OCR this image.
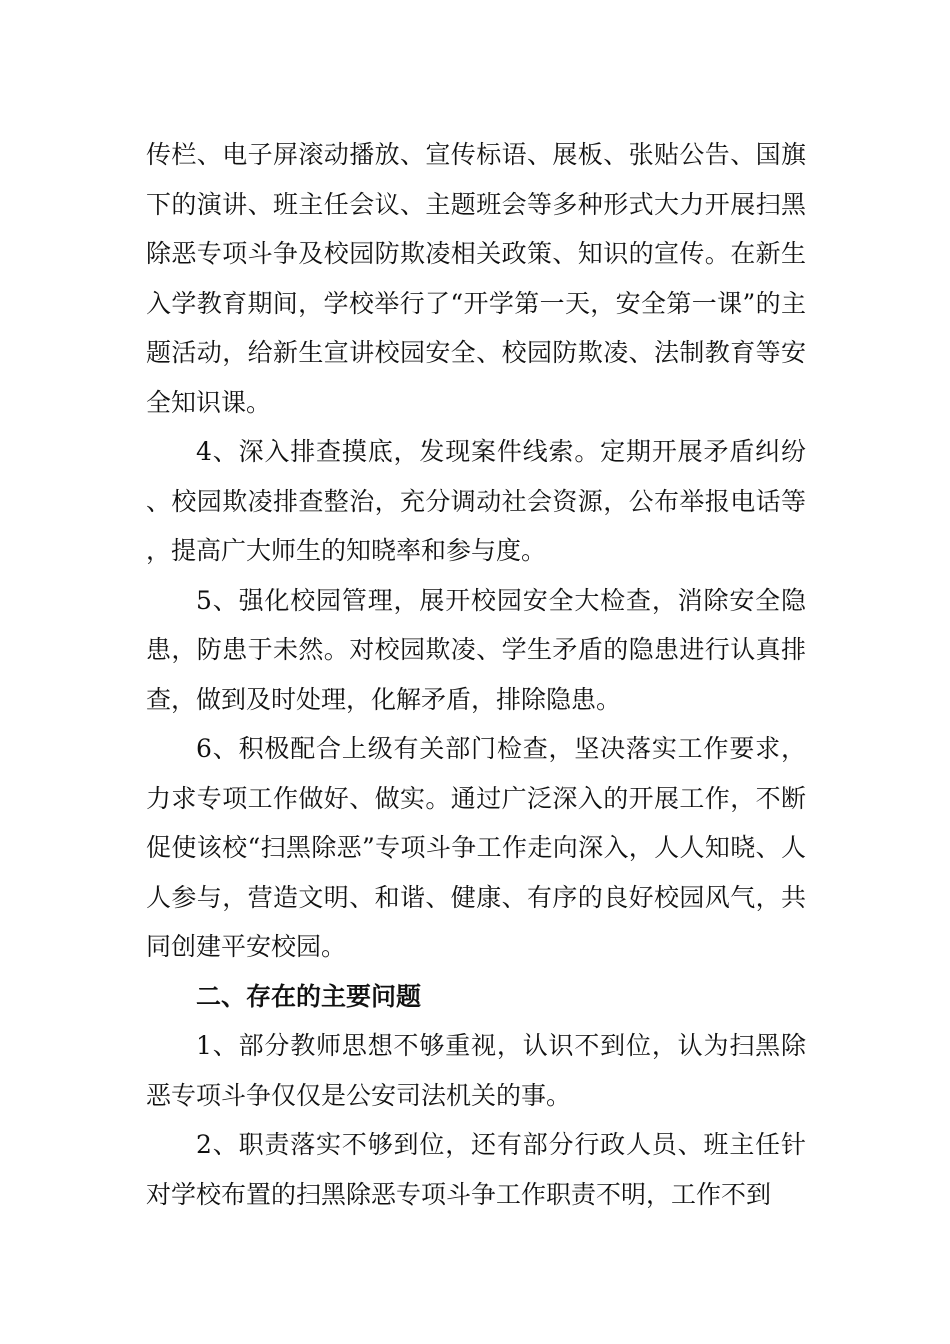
传栏、电子屏滚动播放、宣传标语、展板、张贴公告、国旗下的演讲、班主任会议、主题班会等多种形式大力开展扫黑除恶专项斗争及校园防欺凌相关政策、知识的宣传。在新生入学教育期间，学校举行了“开学第一天，安全第一课”的主题活动，给新生宣讲校园安全、校园防欺凌、法制教育等安全知识课。

4、深入排查摸底，发现案件线索。定期开展矛盾纠纷、校园欺凌排查整治，充分调动社会资源，公布举报电话等，提高广大师生的知晓率和参与度。

5、强化校园管理，展开校园安全大检查，消除安全隐患，防患于未然。对校园欺凌、学生矛盾的隐患进行认真排查，做到及时处理，化解矛盾，排除隐患。

6、积极配合上级有关部门检查，坚决落实工作要求，力求专项工作做好、做实。通过广泛深入的开展工作，不断促使该校“扫黑除恶”专项斗争工作走向深入，人人知晓、人人参与，营造文明、和谐、健康、有序的良好校园风气，共同创建平安校园。

二、存在的主要问题

1、部分教师思想不够重视，认识不到位，认为扫黑除恶专项斗争仅仅是公安司法机关的事。

2、职责落实不够到位，还有部分行政人员、班主任针对学校布置的扫黑除恶专项斗争工作职责不明，工作不到
